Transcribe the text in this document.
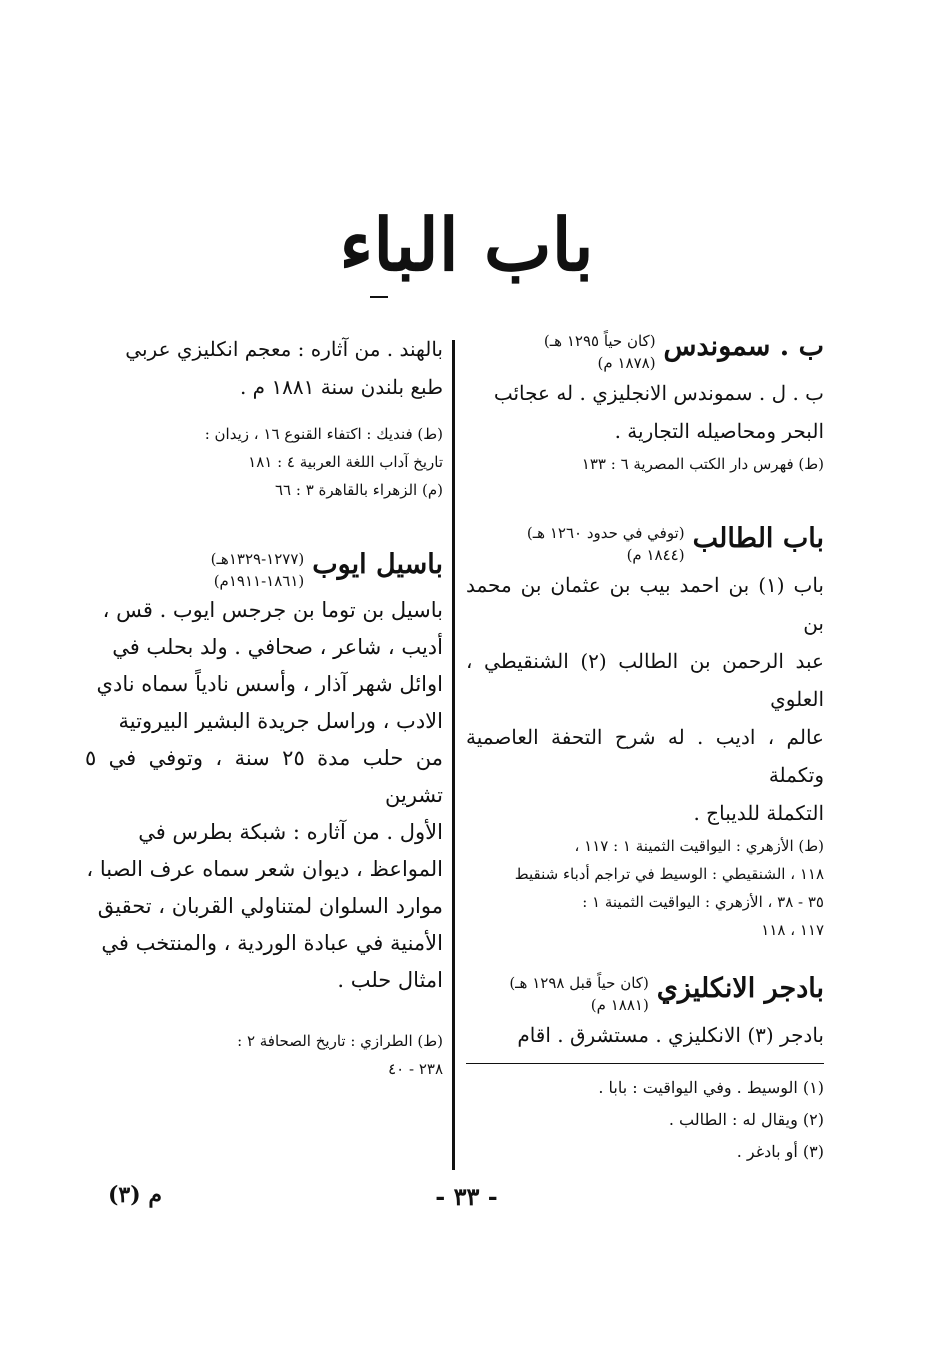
باب الباء
ب . سموندس
(كان حياً ١٢٩٥ هـ)
(١٨٧٨ م)

ب . ل . سموندس الانجليزي . له عجائب

البحر ومحاصيله التجارية .

(ط) فهرس دار الكتب المصرية ٦ : ١٣٣

باب الطالب
(توفي في حدود ١٢٦٠ هـ)
(١٨٤٤ م)

باب (١) بن احمد بيب بن عثمان بن محمد بن

عبد الرحمن بن الطالب (٢) الشنقيطي ، العلوي

عالم ، اديب . له شرح التحفة العاصمية وتكملة

التكملة للديباج .

(ط) الأزهري : اليواقيت الثمينة ١ : ١١٧ ،

١١٨ ، الشنقيطي : الوسيط في تراجم أدباء شنقيط

٣٥ - ٣٨ ، الأزهري : اليواقيت الثمينة ١ :

١١٧ ، ١١٨

بادجر الانكليزي
(كان حياً قبل ١٢٩٨ هـ)
(١٨٨١ م)

بادجر (٣) الانكليزي . مستشرق . اقام

(١) الوسيط . وفي اليواقيت : بابا .
(٢) ويقال له : الطالب .
(٣) أو بادغر .

بالهند . من آثاره : معجم انكليزي عربي

طبع بلندن سنة ١٨٨١ م .

(ط) فنديك : اكتفاء القنوع ١٦ ، زيدان :

تاريخ آداب اللغة العربية ٤ : ١٨١

(م) الزهراء بالقاهرة ٣ : ٦٦

باسيل ايوب
(١٢٧٧-١٣٢٩هـ)
(١٨٦١-١٩١١م)

باسيل بن توما بن جرجس ايوب . قس ،

أديب ، شاعر ، صحافي . ولد بحلب في

اوائل شهر آذار ، وأسس نادياً سماه نادي

الادب ، وراسل جريدة البشير البيروتية

من حلب مدة ٢٥ سنة ، وتوفي في ٥ تشرين

الأول . من آثاره : شبكة بطرس في

المواعظ ، ديوان شعر سماه عرف الصبا ،

موارد السلوان لمتناولي القربان ، تحقيق

الأمنية في عبادة الوردية ، والمنتخب في

امثال حلب .

(ط) الطرازي : تاريخ الصحافة ٢ :

٢٣٨ - ٤٠

- ٣٣ -
م (٣)
